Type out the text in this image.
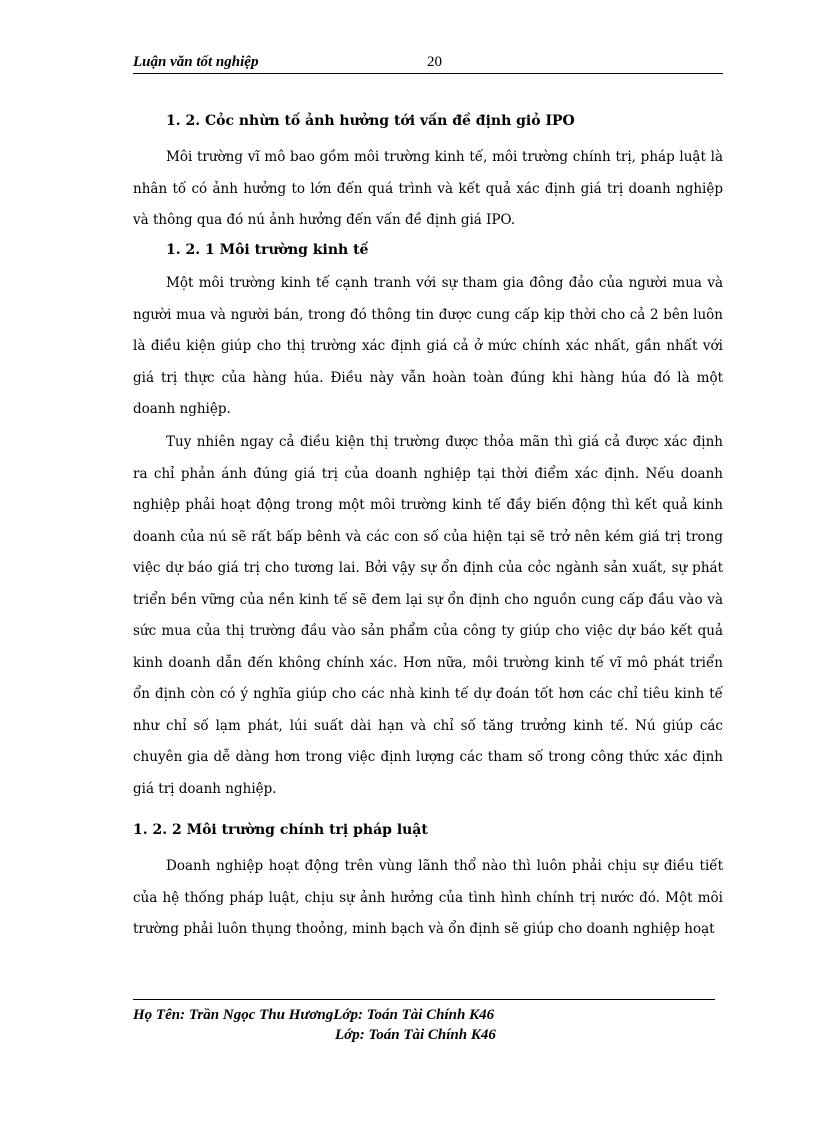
Luận văn tốt nghiệp	20
1. 2. Cỏc nhừn tố ảnh hưởng tới vấn đề định giỏ IPO

Môi trường vĩ mô bao gồm môi trường kinh tế, môi trường chính trị, pháp luật là nhân tố có ảnh hưởng to lớn đến quá trình và kết quả xác định giá trị doanh nghiệp và thông qua đó nú ảnh hưởng đến vấn đề định giá IPO.

1. 2. 1 Môi trường kinh tế

Một môi trường kinh tế cạnh tranh với sự tham gia đông đảo của người mua và người mua và người bán, trong đó thông tin được cung cấp kịp thời cho cả 2 bên luôn là điều kiện giúp cho thị trường xác định giá cả ở mức chính xác nhất, gần nhất với giá trị thực của hàng húa. Điều này vẫn hoàn toàn đúng khi hàng húa đó là một doanh nghiệp.

Tuy nhiên ngay cả điều kiện thị trường được thỏa mãn thì giá cả được xác định ra chỉ phản ánh đúng giá trị của doanh nghiệp tại thời điểm xác định. Nếu doanh nghiệp phải hoạt động trong một môi trường kinh tế đầy biến động thì kết quả kinh doanh của nú sẽ rất bấp bênh và các con số của hiện tại sẽ trở nên kém giá trị trong việc dự báo giá trị cho tương lai. Bởi vậy sự ổn định của cỏc ngành sản xuất, sự phát triển bền vững của nền kinh tế sẽ đem lại sự ổn định cho nguồn cung cấp đầu vào và sức mua của thị trường đầu vào sản phẩm của công ty giúp cho việc dự báo kết quả kinh doanh dẫn đến không chính xác. Hơn nữa, môi trường kinh tế vĩ mô phát triển ổn định còn có ý nghĩa giúp cho các nhà kinh tế dự đoán tốt hơn các chỉ tiêu kinh tế như chỉ số lạm phát, lúi suất dài hạn và chỉ số tăng trưởng kinh tế. Nú giúp các chuyên gia dễ dàng hơn trong việc định lượng các tham số trong công thức xác định giá trị doanh nghiệp.

1. 2. 2 Môi trường chính trị pháp luật

Doanh nghiệp hoạt động trên vùng lãnh thổ nào thì luôn phải chịu sự điều tiết của hệ thống pháp luật, chịu sự ảnh hưởng của tình hình chính trị nước đó. Một môi trường phải luôn thụng thoỏng, minh bạch và ổn định sẽ giúp cho doanh nghiệp hoạt

Họ Tên: Trần Ngọc Thu HươngLớp: Toán Tài Chính K46
Lớp: Toán Tài Chính K46
